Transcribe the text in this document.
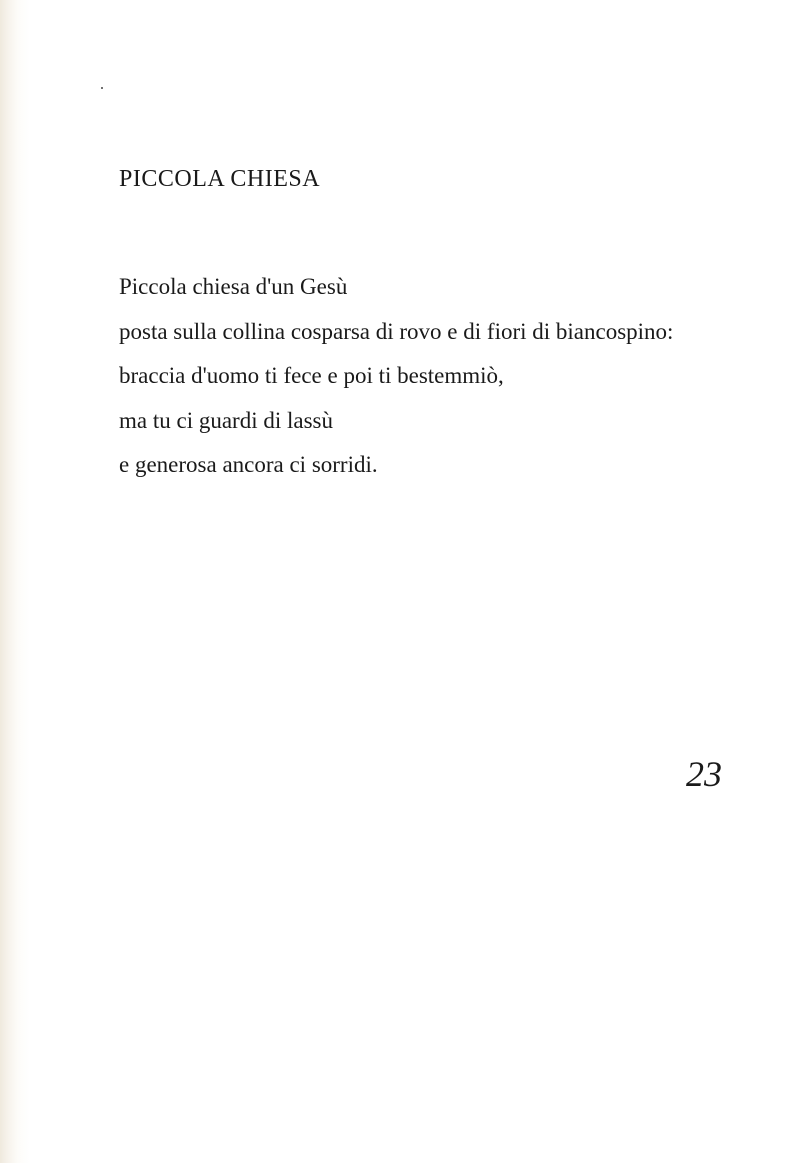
PICCOLA CHIESA
Piccola chiesa d'un Gesù
posta sulla collina cosparsa di rovo e di fiori di biancospino:
braccia d'uomo ti fece e poi ti bestemmiò,
ma tu ci guardi di lassù
e generosa ancora ci sorridi.
23
